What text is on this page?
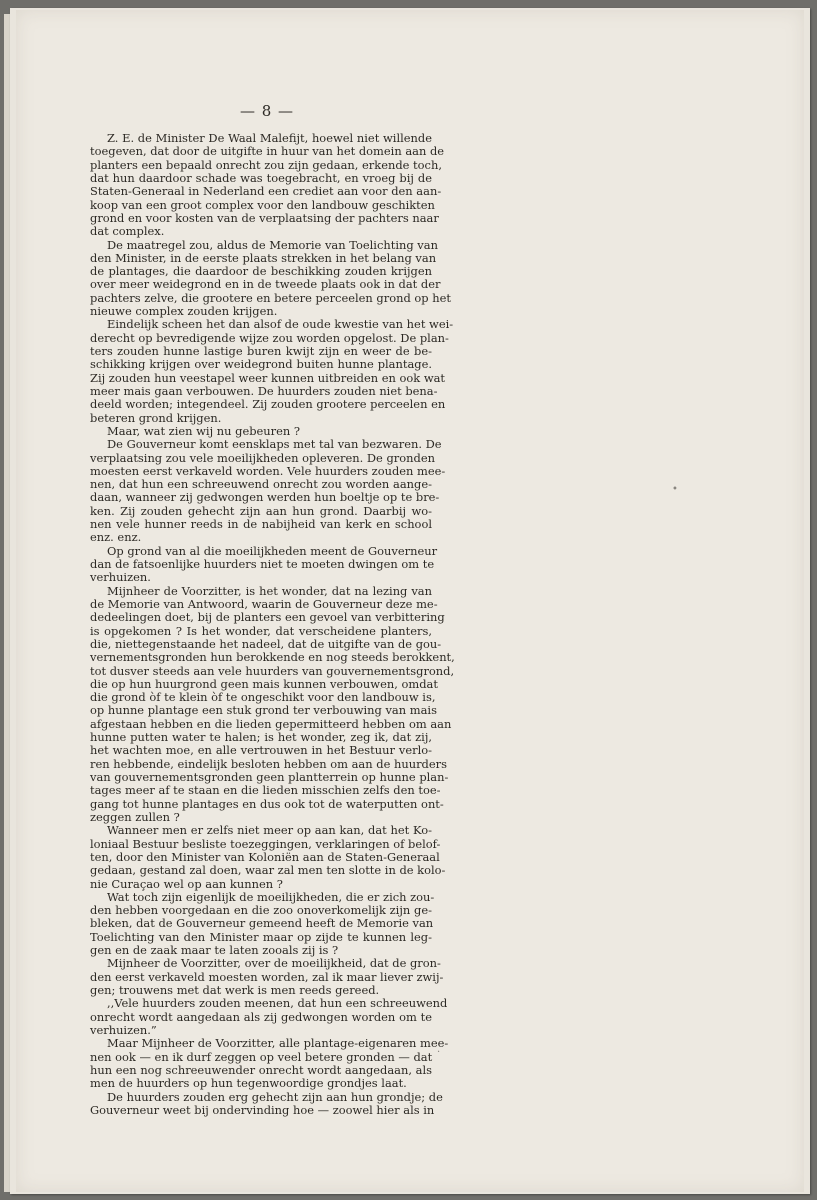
— 8 —
Z. E. de Minister De Waal Malefijt, hoewel niet willende
toegeven, dat door de uitgifte in huur van het domein aan de
planters een bepaald onrecht zou zijn gedaan, erkende toch,
dat hun daardoor schade was toegebracht, en vroeg bij de
Staten-Generaal in Nederland een crediet aan voor den aan-
koop van een groot complex voor den landbouw geschikten
grond en voor kosten van de verplaatsing der pachters naar
dat complex.
De maatregel zou, aldus de Memorie van Toelichting van
den Minister, in de eerste plaats strekken in het belang van
de plantages, die daardoor de beschikking zouden krijgen
over meer weidegrond en in de tweede plaats ook in dat der
pachters zelve, die grootere en betere perceelen grond op het
nieuwe complex zouden krijgen.
Eindelijk scheen het dan alsof de oude kwestie van het wei-
derecht op bevredigende wijze zou worden opgelost. De plan-
ters zouden hunne lastige buren kwijt zijn en weer de be-
schikking krijgen over weidegrond buiten hunne plantage.
Zij zouden hun veestapel weer kunnen uitbreiden en ook wat
meer mais gaan verbouwen. De huurders zouden niet bena-
deeld worden; integendeel. Zij zouden grootere perceelen en
beteren grond krijgen.
Maar, wat zien wij nu gebeuren ?
De Gouverneur komt eensklaps met tal van bezwaren. De
verplaatsing zou vele moeilijkheden opleveren. De gronden
moesten eerst verkaveld worden. Vele huurders zouden mee-
nen, dat hun een schreeuwend onrecht zou worden aange-
daan, wanneer zij gedwongen werden hun boeltje op te bre-
ken. Zij zouden gehecht zijn aan hun grond. Daarbij wo-
nen vele hunner reeds in de nabijheid van kerk en school
enz. enz.
Op grond van al die moeilijkheden meent de Gouverneur
dan de fatsoenlijke huurders niet te moeten dwingen om te
verhuizen.
Mijnheer de Voorzitter, is het wonder, dat na lezing van
de Memorie van Antwoord, waarin de Gouverneur deze me-
dedeelingen doet, bij de planters een gevoel van verbittering
is opgekomen ? Is het wonder, dat verscheidene planters,
die, niettegenstaande het nadeel, dat de uitgifte van de gou-
vernementsgronden hun berokkende en nog steeds berokkent,
tot dusver steeds aan vele huurders van gouvernementsgrond,
die op hun huurgrond geen mais kunnen verbouwen, omdat
die grond òf te klein òf te ongeschikt voor den landbouw is,
op hunne plantage een stuk grond ter verbouwing van mais
afgestaan hebben en die lieden gepermitteerd hebben om aan
hunne putten water te halen; is het wonder, zeg ik, dat zij,
het wachten moe, en alle vertrouwen in het Bestuur verlo-
ren hebbende, eindelijk besloten hebben om aan de huurders
van gouvernementsgronden geen plantterrein op hunne plan-
tages meer af te staan en die lieden misschien zelfs den toe-
gang tot hunne plantages en dus ook tot de waterputten ont-
zeggen zullen ?
Wanneer men er zelfs niet meer op aan kan, dat het Ko-
loniaal Bestuur besliste toezeggingen, verklaringen of belof-
ten, door den Minister van Koloniën aan de Staten-Generaal
gedaan, gestand zal doen, waar zal men ten slotte in de kolo-
nie Curaçao wel op aan kunnen ?
Wat toch zijn eigenlijk de moeilijkheden, die er zich zou-
den hebben voorgedaan en die zoo onoverkomelijk zijn ge-
bleken, dat de Gouverneur gemeend heeft de Memorie van
Toelichting van den Minister maar op zijde te kunnen leg-
gen en de zaak maar te laten zooals zij is ?
Mijnheer de Voorzitter, over de moeilijkheid, dat de gron-
den eerst verkaveld moesten worden, zal ik maar liever zwij-
gen; trouwens met dat werk is men reeds gereed.
,,Vele huurders zouden meenen, dat hun een schreeuwend
onrecht wordt aangedaan als zij gedwongen worden om te
verhuizen.”
Maar Mijnheer de Voorzitter, alle plantage-eigenaren mee-
nen ook — en ik durf zeggen op veel betere gronden — dat
hun een nog schreeuwender onrecht wordt aangedaan, als
men de huurders op hun tegenwoordige grondjes laat.
De huurders zouden erg gehecht zijn aan hun grondje; de
Gouverneur weet bij ondervinding hoe — zoowel hier als in
•
·
